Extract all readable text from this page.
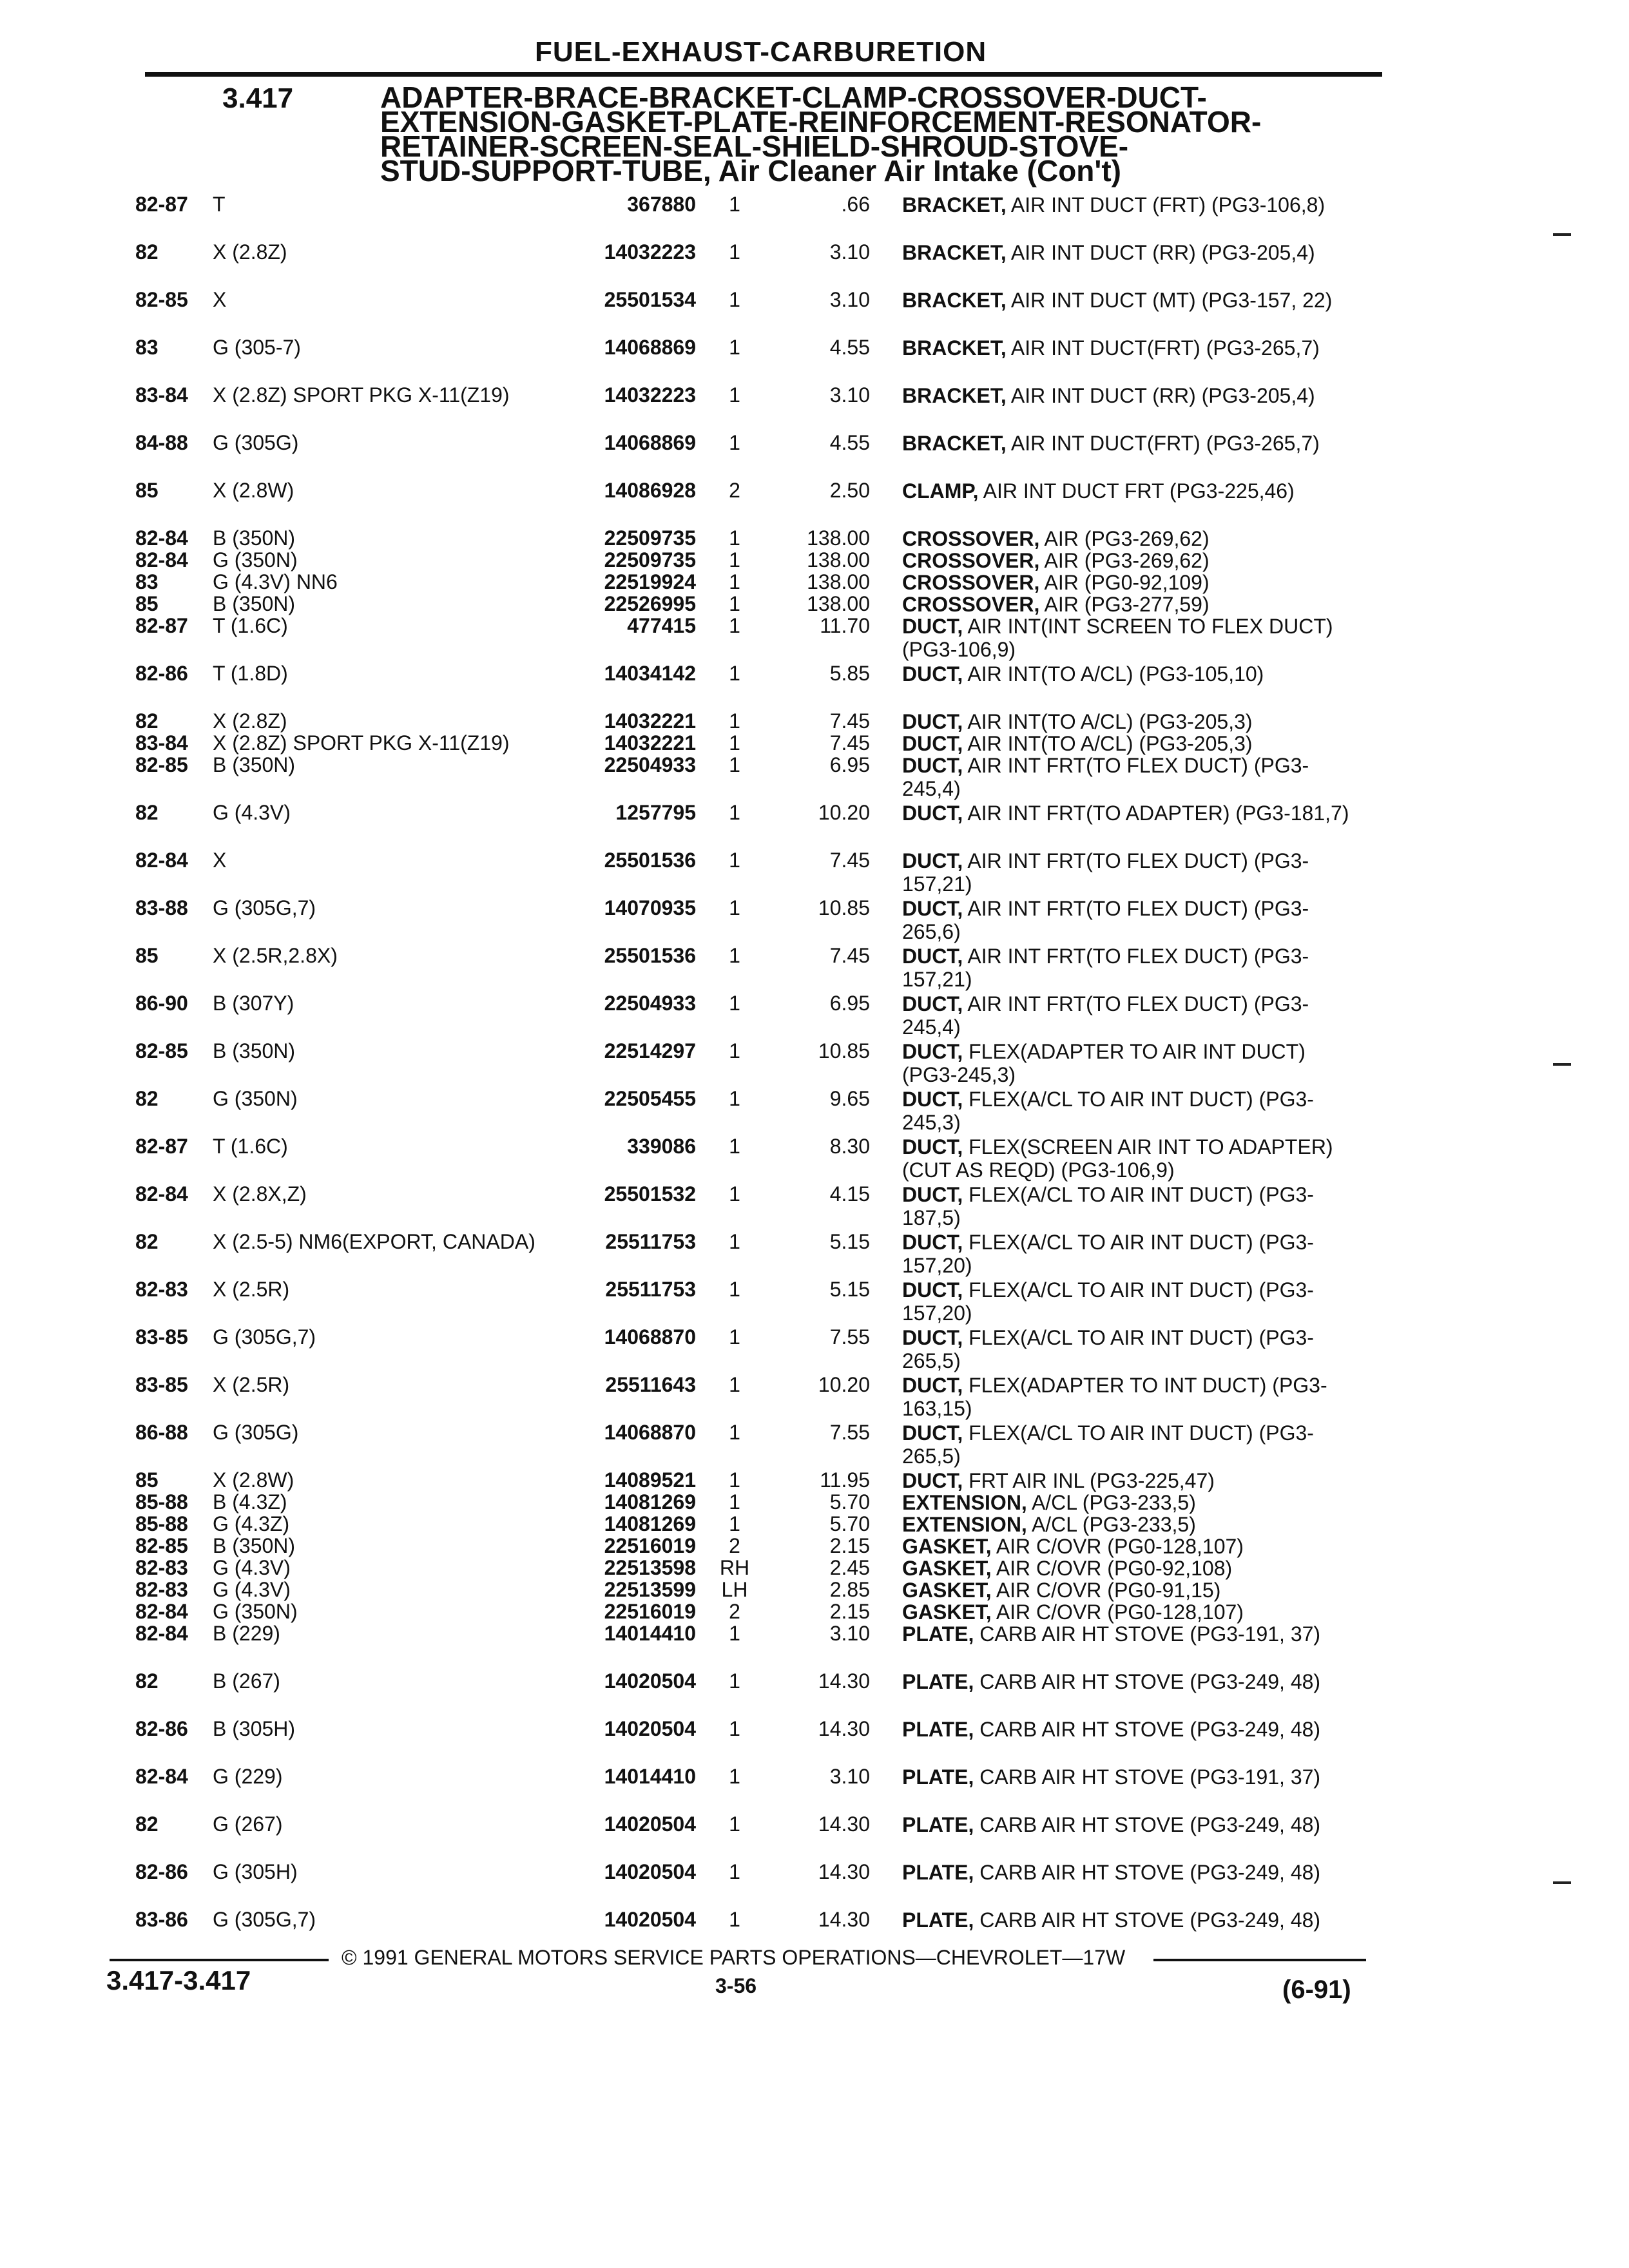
FUEL-EXHAUST-CARBURETION
3.417	ADAPTER-BRACE-BRACKET-CLAMP-CROSSOVER-DUCT-
EXTENSION-GASKET-PLATE-REINFORCEMENT-RESONATOR-
RETAINER-SCREEN-SEAL-SHIELD-SHROUD-STOVE-
STUD-SUPPORT-TUBE, Air Cleaner Air Intake (Con't)
82-87 T	367880	1	.66 BRACKET, AIR INT DUCT (FRT) (PG3-106,8)
82	X (2.8Z)	14032223	1	3.10 BRACKET, AIR INT DUCT (RR) (PG3-205,4)
82-85 X	25501534	1	3.10 BRACKET, AIR INT DUCT (MT) (PG3-157, 22)
83	G (305-7)	14068869	1	4.55 BRACKET, AIR INT DUCT(FRT) (PG3-265,7)
83-84 X (2.8Z) SPORT PKG X-11(Z19)	14032223	1	3.10 BRACKET, AIR INT DUCT (RR) (PG3-205,4)
84-88 G (305G)	14068869	1	4.55 BRACKET, AIR INT DUCT(FRT) (PG3-265,7)
85	X (2.8W)	14086928	2	2.50 CLAMP, AIR INT DUCT FRT (PG3-225,46)
82-84 B (350N)	22509735	1	138.00 CROSSOVER, AIR (PG3-269,62)
82-84 G (350N)	22509735	1	138.00 CROSSOVER, AIR (PG3-269,62)
83	G (4.3V) NN6	22519924	1	138.00 CROSSOVER, AIR (PG0-92,109)
85	B (350N)	22526995	1	138.00 CROSSOVER, AIR (PG3-277,59)
82-87 T (1.6C)	477415	1	11.70 DUCT, AIR INT(INT SCREEN TO FLEX DUCT) (PG3-106,9)
82-86 T (1.8D)	14034142	1	5.85 DUCT, AIR INT(TO A/CL) (PG3-105,10)
82	X (2.8Z)	14032221	1	7.45 DUCT, AIR INT(TO A/CL) (PG3-205,3)
83-84 X (2.8Z) SPORT PKG X-11(Z19)	14032221	1	7.45 DUCT, AIR INT(TO A/CL) (PG3-205,3)
82-85 B (350N)	22504933	1	6.95 DUCT, AIR INT FRT(TO FLEX DUCT) (PG3-245,4)
82	G (4.3V)	1257795	1	10.20 DUCT, AIR INT FRT(TO ADAPTER) (PG3-181,7)
82-84 X	25501536	1	7.45 DUCT, AIR INT FRT(TO FLEX DUCT) (PG3-157,21)
83-88 G (305G,7)	14070935	1	10.85 DUCT, AIR INT FRT(TO FLEX DUCT) (PG3-265,6)
85	X (2.5R,2.8X)	25501536	1	7.45 DUCT, AIR INT FRT(TO FLEX DUCT) (PG3-157,21)
86-90 B (307Y)	22504933	1	6.95 DUCT, AIR INT FRT(TO FLEX DUCT) (PG3-245,4)
82-85 B (350N)	22514297	1	10.85 DUCT, FLEX(ADAPTER TO AIR INT DUCT) (PG3-245,3)
82	G (350N)	22505455	1	9.65 DUCT, FLEX(A/CL TO AIR INT DUCT) (PG3-245,3)
82-87 T (1.6C)	339086	1	8.30 DUCT, FLEX(SCREEN AIR INT TO ADAPTER)(CUT AS REQD) (PG3-106,9)
82-84 X (2.8X,Z)	25501532	1	4.15 DUCT, FLEX(A/CL TO AIR INT DUCT) (PG3-187,5)
82	X (2.5-5) NM6(EXPORT, CANADA)	25511753	1	5.15 DUCT, FLEX(A/CL TO AIR INT DUCT) (PG3-157,20)
82-83 X (2.5R)	25511753	1	5.15 DUCT, FLEX(A/CL TO AIR INT DUCT) (PG3-157,20)
83-85 G (305G,7)	14068870	1	7.55 DUCT, FLEX(A/CL TO AIR INT DUCT) (PG3-265,5)
83-85 X (2.5R)	25511643	1	10.20 DUCT, FLEX(ADAPTER TO INT DUCT) (PG3-163,15)
86-88 G (305G)	14068870	1	7.55 DUCT, FLEX(A/CL TO AIR INT DUCT) (PG3-265,5)
85	X (2.8W)	14089521	1	11.95 DUCT, FRT AIR INL (PG3-225,47)
85-88 B (4.3Z)	14081269	1	5.70 EXTENSION, A/CL (PG3-233,5)
85-88 G (4.3Z)	14081269	1	5.70 EXTENSION, A/CL (PG3-233,5)
82-85 B (350N)	22516019	2	2.15 GASKET, AIR C/OVR (PG0-128,107)
82-83 G (4.3V)	22513598 RH	2.45 GASKET, AIR C/OVR (PG0-92,108)
82-83 G (4.3V)	22513599 LH	2.85 GASKET, AIR C/OVR (PG0-91,15)
82-84 G (350N)	22516019	2	2.15 GASKET, AIR C/OVR (PG0-128,107)
82-84 B (229)	14014410	1	3.10 PLATE, CARB AIR HT STOVE (PG3-191, 37)
82	B (267)	14020504	1	14.30 PLATE, CARB AIR HT STOVE (PG3-249, 48)
82-86 B (305H)	14020504	1	14.30 PLATE, CARB AIR HT STOVE (PG3-249, 48)
82-84 G (229)	14014410	1	3.10 PLATE, CARB AIR HT STOVE (PG3-191, 37)
82	G (267)	14020504	1	14.30 PLATE, CARB AIR HT STOVE (PG3-249, 48)
82-86 G (305H)	14020504	1	14.30 PLATE, CARB AIR HT STOVE (PG3-249, 48)
83-86 G (305G,7)	14020504	1	14.30 PLATE, CARB AIR HT STOVE (PG3-249, 48)
© 1991 GENERAL MOTORS SERVICE PARTS OPERATIONS—CHEVROLET—17W
3.417-3.417	3-56	(6-91)
